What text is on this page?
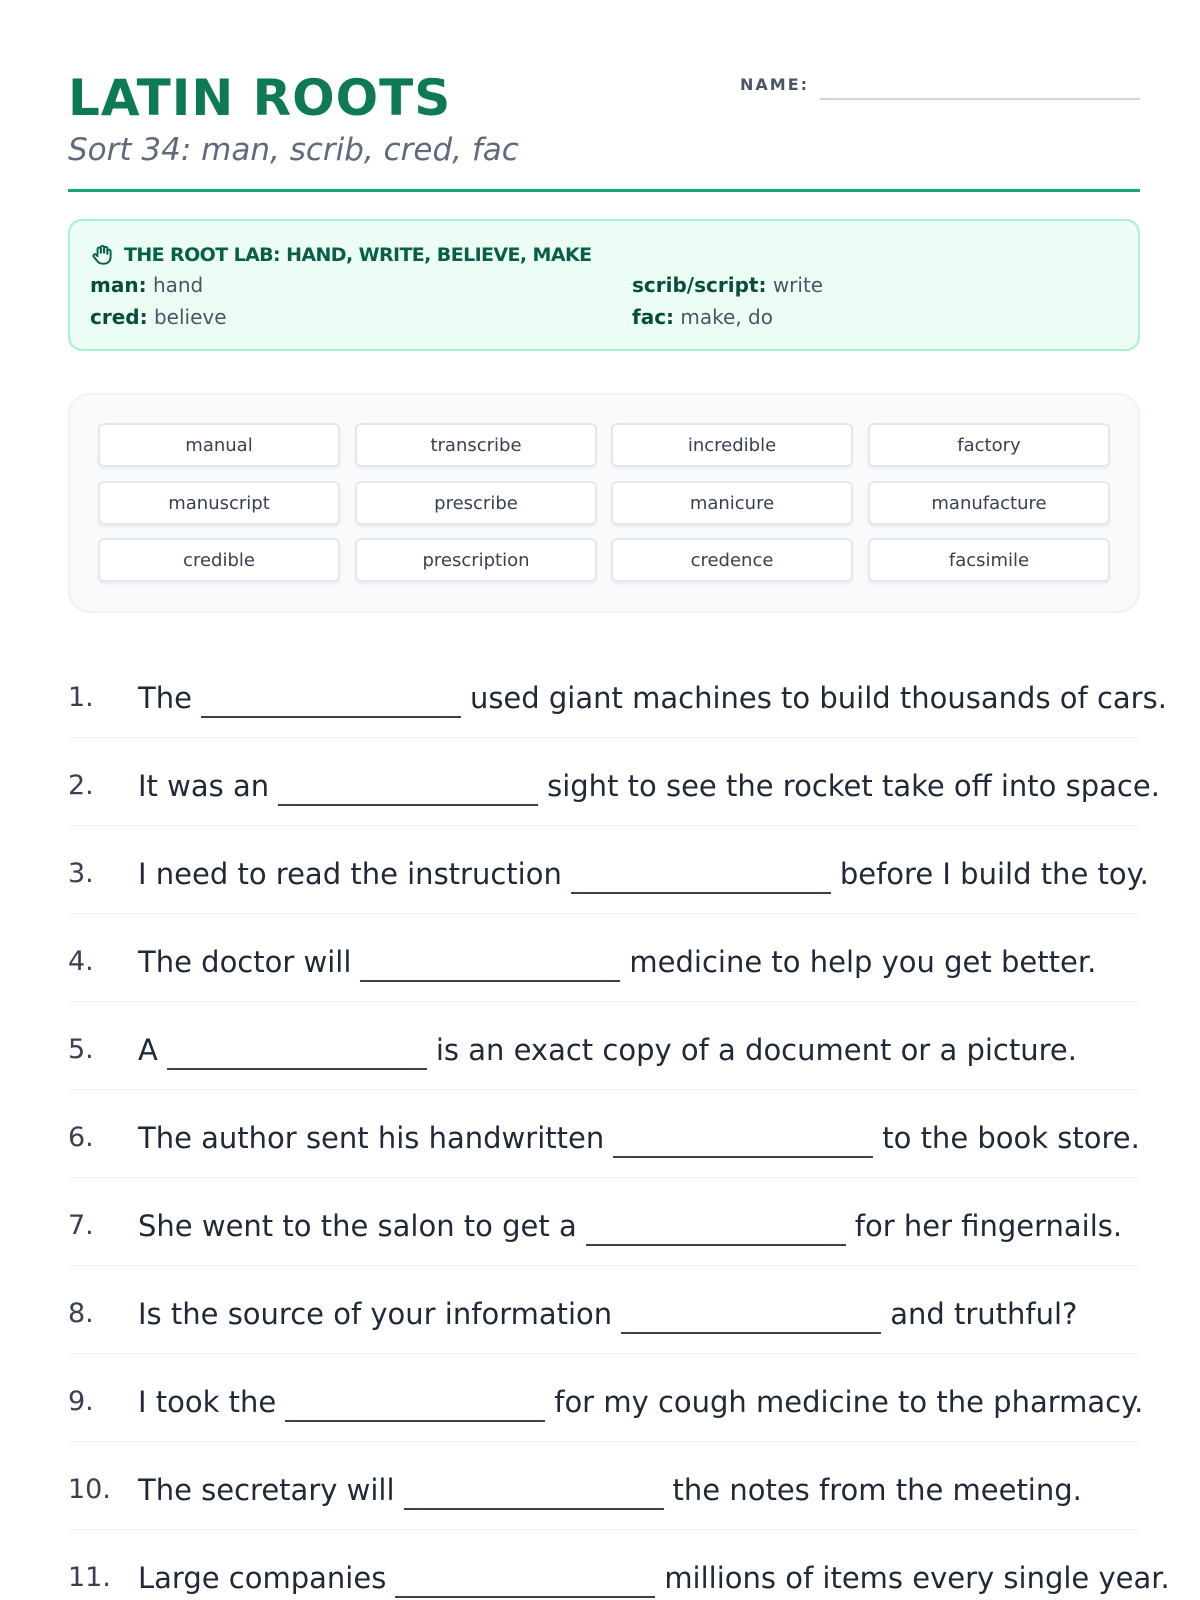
LATIN ROOTS
Sort 34: man, scrib, cred, fac
NAME:
THE ROOT LAB: HAND, WRITE, BELIEVE, MAKE
man: hand	scrib/script: write
cred: believe	fac: make, do
manual	transcribe	incredible	factory
manuscript	prescribe	manicure	manufacture
credible	prescription	credence	facsimile
1. The	used giant machines to build thousands of cars.
2. It was an	sight to see the rocket take off into space.
3. I need to read the instruction	before I build the toy.
4. The doctor will	medicine to help you get better.
5. A	is an exact copy of a document or a picture.
6. The author sent his handwritten	to the book store.
7. She went to the salon to get a	for her fingernails.
8. Is the source of your information	and truthful?
9. I took the	for my cough medicine to the pharmacy.
10. The secretary will	the notes from the meeting.
11. Large companies	millions of items every single year.
